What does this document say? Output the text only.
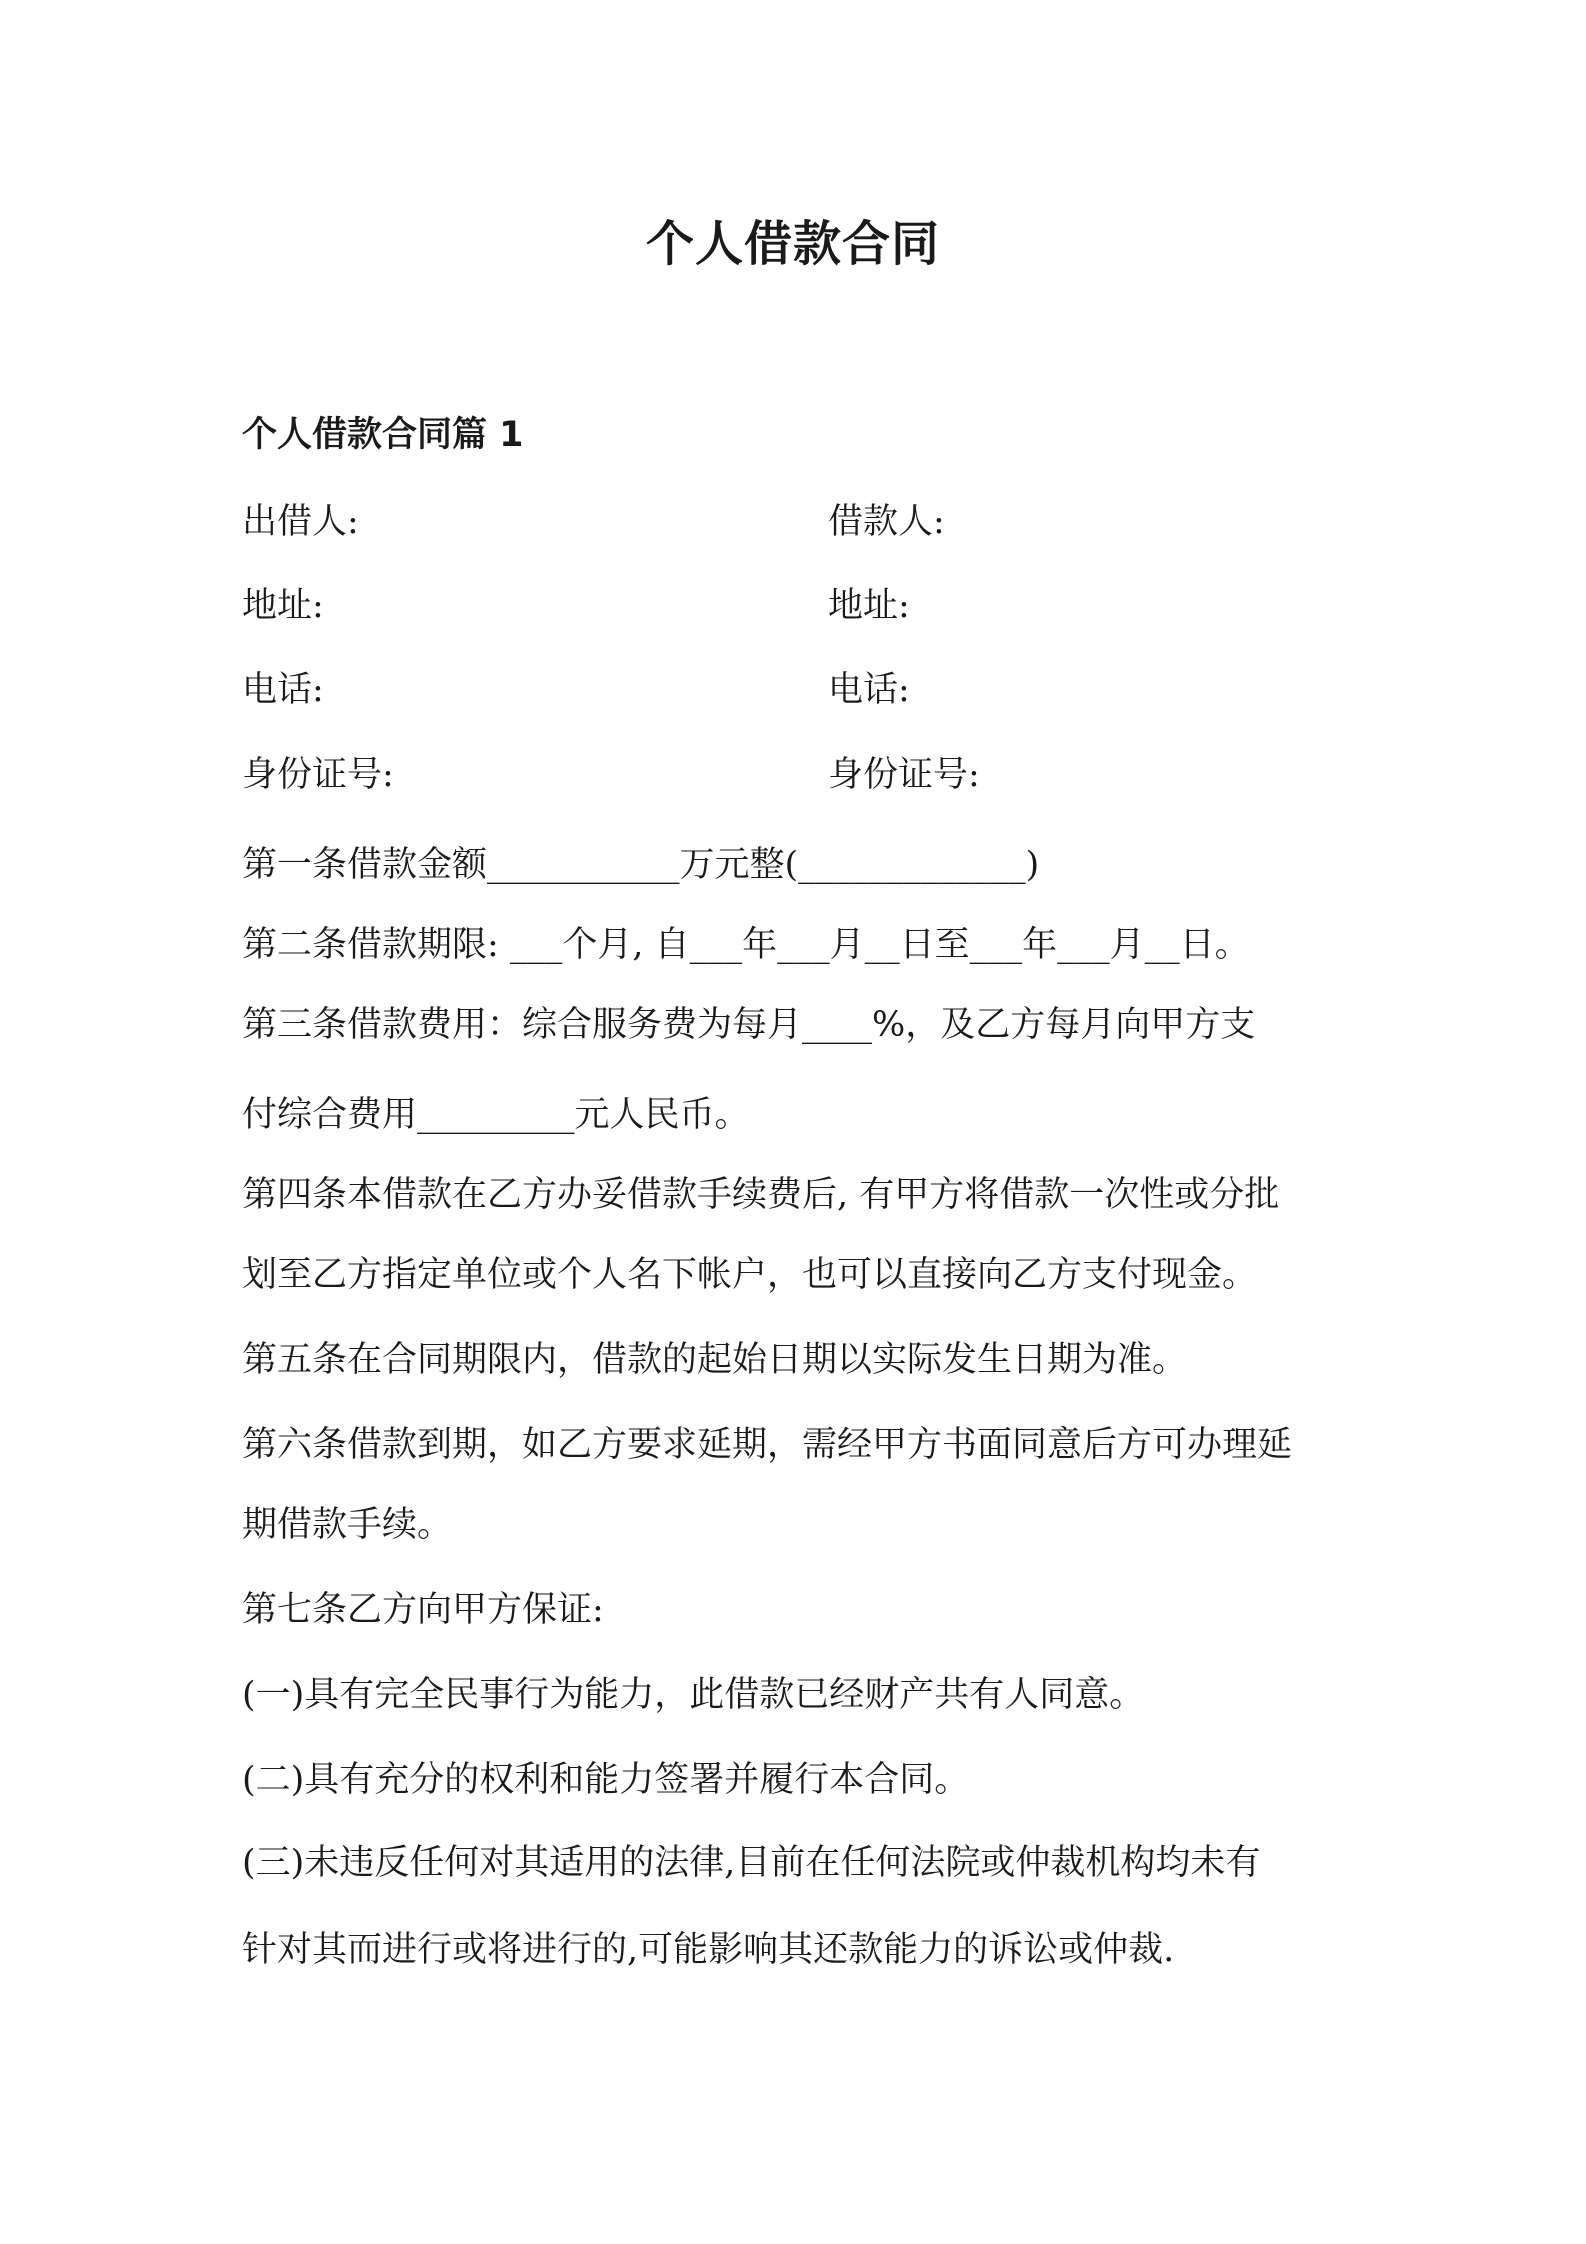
个人借款合同
个人借款合同篇 1
出借人:	借款人:
地址:	地址:
电话:	电话:
身份证号:	身份证号:
第一条借款金额___________万元整(_____________)
第二条借款期限: ___个月, 自___年___月__日至___年___月__日。
第三条借款费用：综合服务费为每月____%，及乙方每月向甲方支
付综合费用_________元人民币。
第四条本借款在乙方办妥借款手续费后, 有甲方将借款一次性或分批
划至乙方指定单位或个人名下帐户，也可以直接向乙方支付现金。
第五条在合同期限内，借款的起始日期以实际发生日期为准。
第六条借款到期，如乙方要求延期，需经甲方书面同意后方可办理延
期借款手续。
第七条乙方向甲方保证:
(一)具有完全民事行为能力，此借款已经财产共有人同意。
(二)具有充分的权利和能力签署并履行本合同。
(三)未违反任何对其适用的法律,目前在任何法院或仲裁机构均未有
针对其而进行或将进行的,可能影响其还款能力的诉讼或仲裁.
